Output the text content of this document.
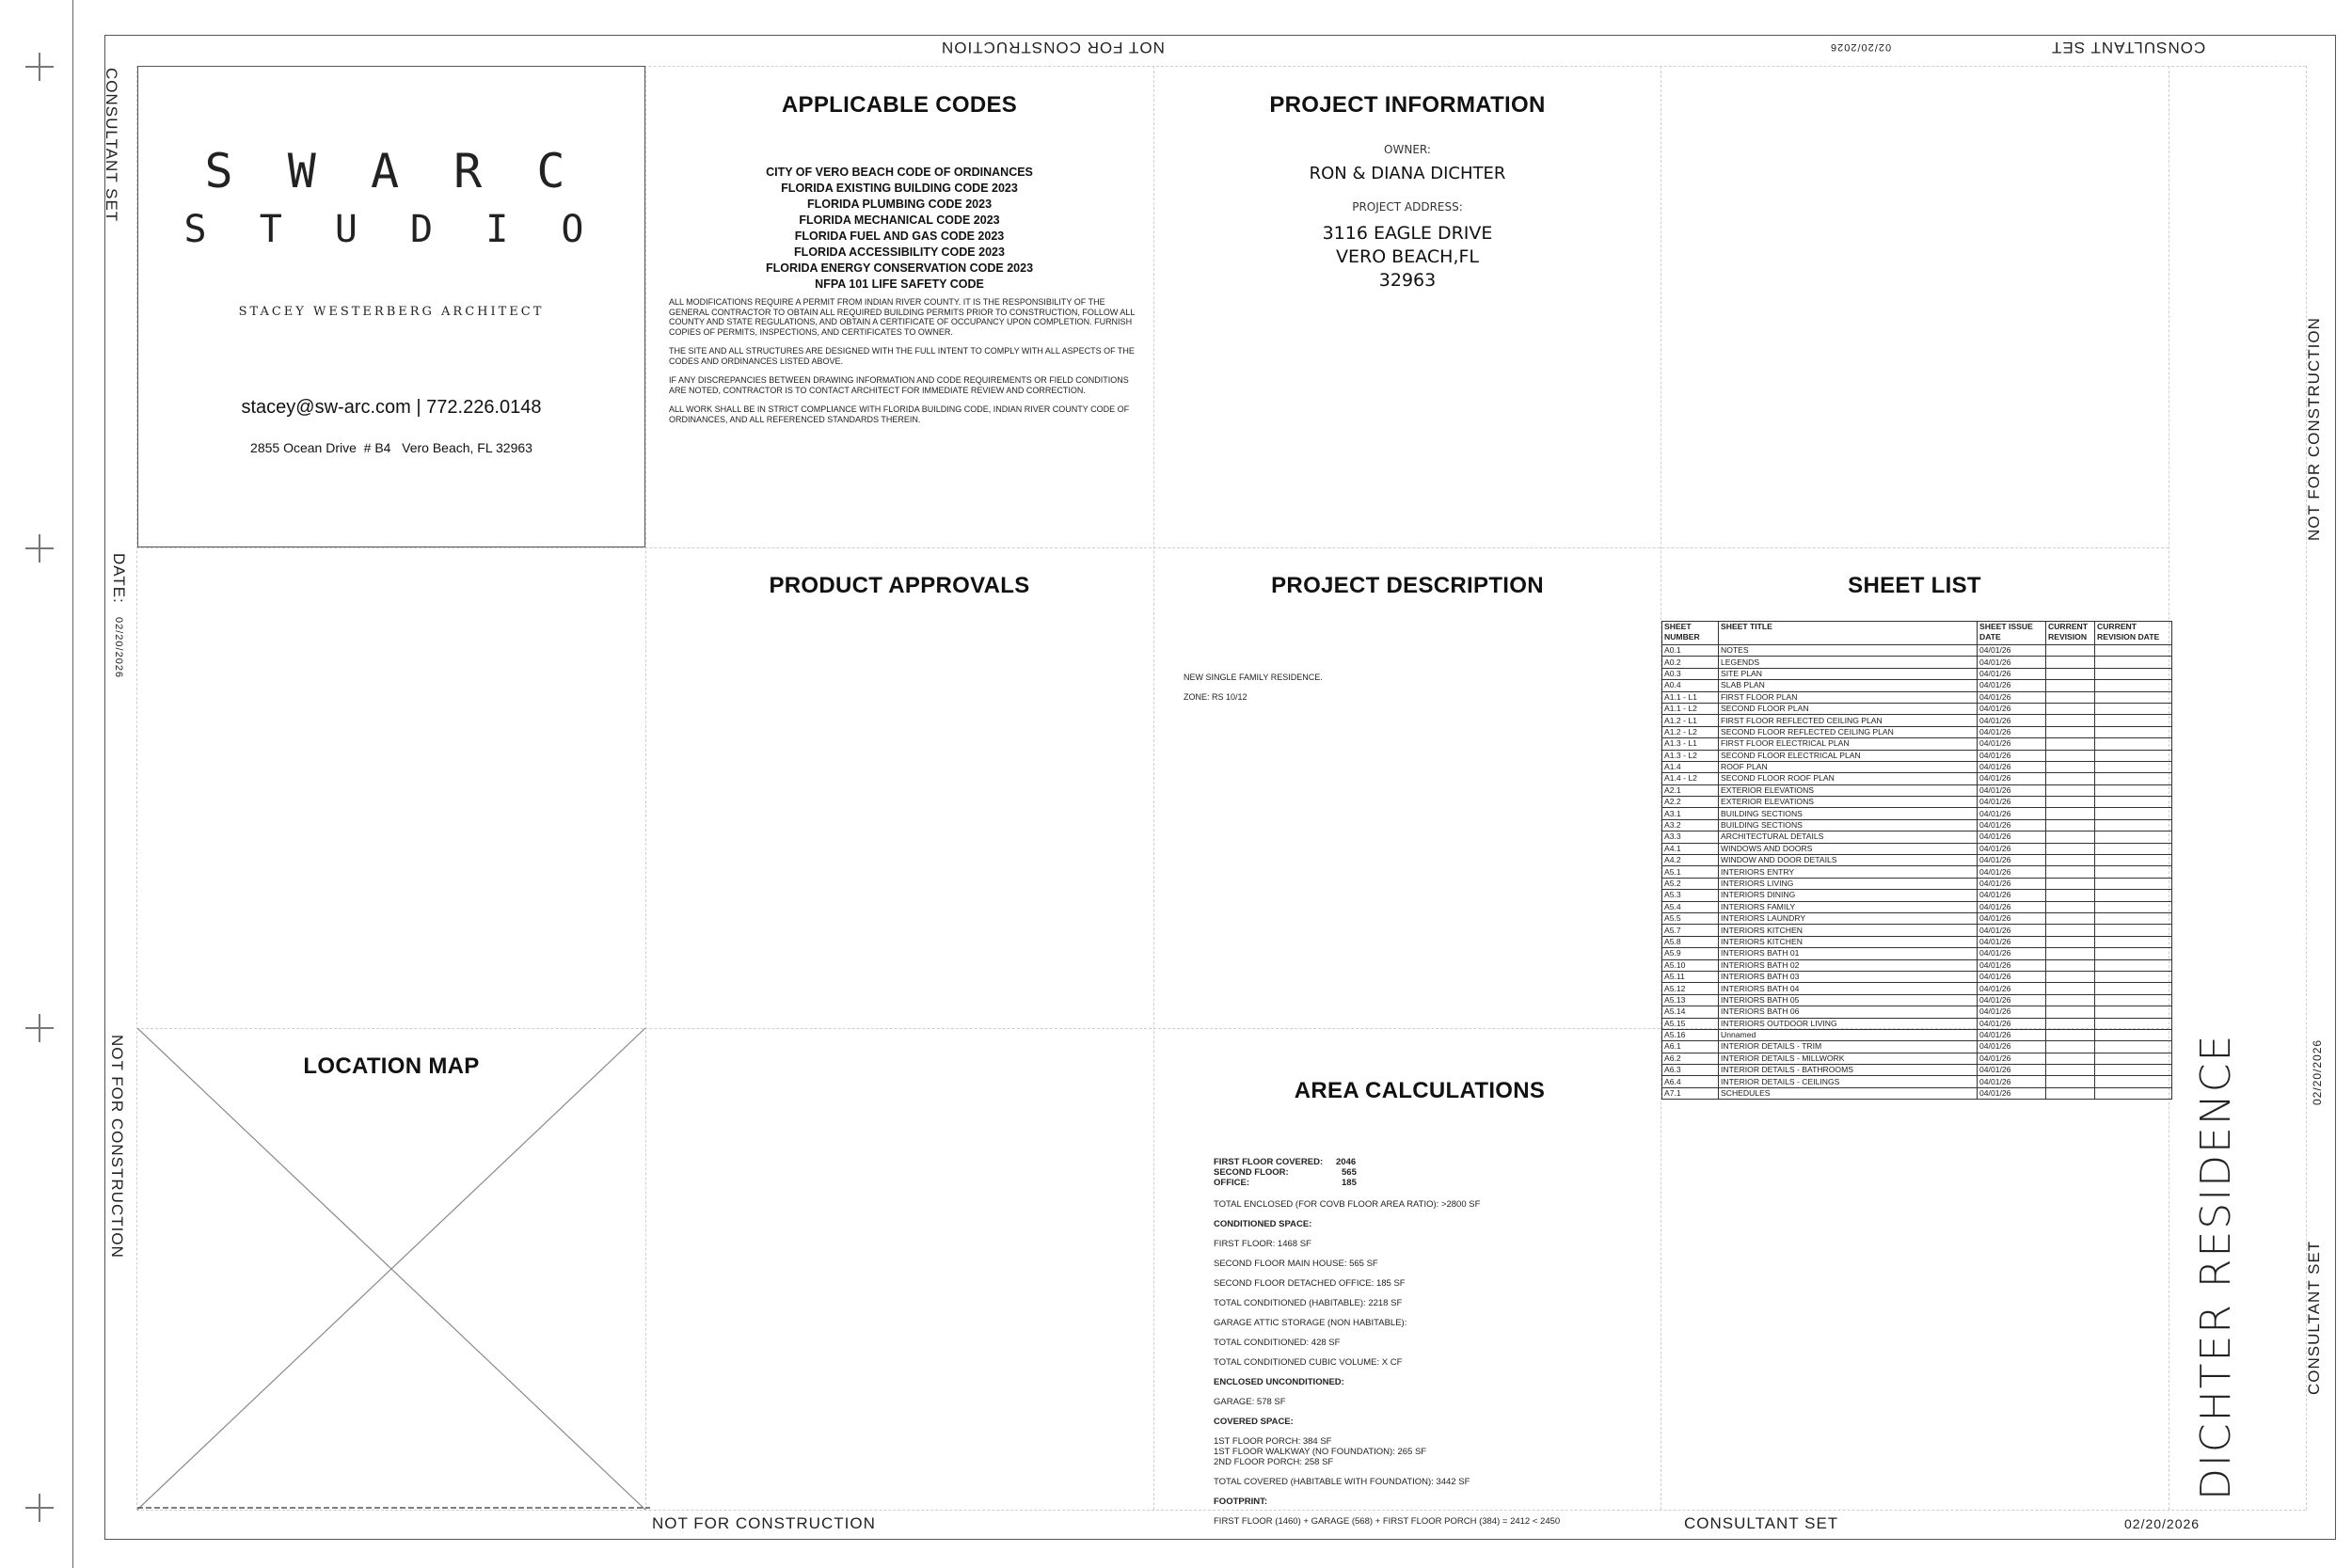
NOT FOR CONSTRUCTION	02/20/2026	CONSULTANT SET
CONSULTANT SET
DATE:
02/20/2026
NOT FOR CONSTRUCTION
NOT FOR CONSTRUCTION	CONSULTANT SET	02/20/2026
NOT FOR CONSTRUCTION
02/20/2026
CONSULTANT SET
DICHTER RESIDENCE
S W A R C
S T U D I O
STACEY WESTERBERG ARCHITECT
stacey@sw-arc.com | 772.226.0148
2855 Ocean Drive  # B4   Vero Beach, FL 32963
APPLICABLE CODES
CITY OF VERO BEACH CODE OF ORDINANCES
FLORIDA EXISTING BUILDING CODE 2023
FLORIDA PLUMBING CODE 2023
FLORIDA MECHANICAL CODE 2023
FLORIDA FUEL AND GAS CODE 2023
FLORIDA ACCESSIBILITY CODE 2023
FLORIDA ENERGY CONSERVATION CODE 2023
NFPA 101 LIFE SAFETY CODE
ALL MODIFICATIONS REQUIRE A PERMIT FROM INDIAN RIVER COUNTY. IT IS THE RESPONSIBILITY OF THE GENERAL CONTRACTOR TO OBTAIN ALL REQUIRED BUILDING PERMITS PRIOR TO CONSTRUCTION, FOLLOW ALL COUNTY AND STATE REGULATIONS, AND OBTAIN A CERTIFICATE OF OCCUPANCY UPON COMPLETION. FURNISH COPIES OF PERMITS, INSPECTIONS, AND CERTIFICATES TO OWNER.
THE SITE AND ALL STRUCTURES ARE DESIGNED WITH THE FULL INTENT TO COMPLY WITH ALL ASPECTS OF THE CODES AND ORDINANCES LISTED ABOVE.
IF ANY DISCREPANCIES BETWEEN DRAWING INFORMATION AND CODE REQUIREMENTS OR FIELD CONDITIONS ARE NOTED, CONTRACTOR IS TO CONTACT ARCHITECT FOR IMMEDIATE REVIEW AND CORRECTION.
ALL WORK SHALL BE IN STRICT COMPLIANCE WITH FLORIDA BUILDING CODE, INDIAN RIVER COUNTY CODE OF ORDINANCES, AND ALL REFERENCED STANDARDS THEREIN.
PROJECT INFORMATION
OWNER:
RON & DIANA DICHTER
PROJECT ADDRESS:
3116 EAGLE DRIVE
VERO BEACH,FL
32963
PRODUCT APPROVALS	PROJECT DESCRIPTION
NEW SINGLE FAMILY RESIDENCE.
ZONE: RS 10/12
SHEET LIST
SHEET NUMBER	SHEET TITLE	SHEET ISSUE DATE	CURRENT REVISION	CURRENT REVISION DATE
A0.1	NOTES	04/01/26		
A0.2	LEGENDS	04/01/26		
A0.3	SITE PLAN	04/01/26		
A0.4	SLAB PLAN	04/01/26		
A1.1 - L1	FIRST FLOOR PLAN	04/01/26		
A1.1 - L2	SECOND FLOOR PLAN	04/01/26		
A1.2 - L1	FIRST FLOOR REFLECTED CEILING PLAN	04/01/26		
A1.2 - L2	SECOND FLOOR REFLECTED CEILING PLAN	04/01/26		
A1.3 - L1	FIRST FLOOR ELECTRICAL PLAN	04/01/26		
A1.3 - L2	SECOND FLOOR ELECTRICAL PLAN	04/01/26		
A1.4	ROOF PLAN	04/01/26		
A1.4 - L2	SECOND FLOOR ROOF PLAN	04/01/26		
A2.1	EXTERIOR ELEVATIONS	04/01/26		
A2.2	EXTERIOR ELEVATIONS	04/01/26		
A3.1	BUILDING SECTIONS	04/01/26		
A3.2	BUILDING SECTIONS	04/01/26		
A3.3	ARCHITECTURAL DETAILS	04/01/26		
A4.1	WINDOWS AND DOORS	04/01/26		
A4.2	WINDOW AND DOOR DETAILS	04/01/26		
A5.1	INTERIORS ENTRY	04/01/26		
A5.2	INTERIORS LIVING	04/01/26		
A5.3	INTERIORS DINING	04/01/26		
A5.4	INTERIORS FAMILY	04/01/26		
A5.5	INTERIORS LAUNDRY	04/01/26		
A5.7	INTERIORS KITCHEN	04/01/26		
A5.8	INTERIORS KITCHEN	04/01/26		
A5.9	INTERIORS BATH 01	04/01/26		
A5.10	INTERIORS BATH 02	04/01/26		
A5.11	INTERIORS BATH 03	04/01/26		
A5.12	INTERIORS BATH 04	04/01/26		
A5.13	INTERIORS BATH 05	04/01/26		
A5.14	INTERIORS BATH 06	04/01/26		
A5.15	INTERIORS OUTDOOR LIVING	04/01/26		
A5.16	Unnamed	04/01/26		
A6.1	INTERIOR DETAILS - TRIM	04/01/26		
A6.2	INTERIOR DETAILS - MILLWORK	04/01/26		
A6.3	INTERIOR DETAILS - BATHROOMS	04/01/26		
A6.4	INTERIOR DETAILS - CEILINGS	04/01/26		
A7.1	SCHEDULES	04/01/26		
LOCATION MAP
AREA CALCULATIONS

FIRST FLOOR COVERED: 2046

SECOND FLOOR:	565

OFFICE:	185

TOTAL ENCLOSED (FOR COVB FLOOR AREA RATIO): >2800 SF

CONDITIONED SPACE:

FIRST FLOOR: 1468 SF

SECOND FLOOR MAIN HOUSE: 565 SF

SECOND FLOOR DETACHED OFFICE: 185 SF

TOTAL CONDITIONED (HABITABLE): 2218 SF

GARAGE ATTIC STORAGE (NON HABITABLE):

TOTAL CONDITIONED: 428 SF

TOTAL CONDITIONED CUBIC VOLUME: X CF

ENCLOSED UNCONDITIONED:

GARAGE: 578 SF

COVERED SPACE:

1ST FLOOR PORCH: 384 SF
1ST FLOOR WALKWAY (NO FOUNDATION): 265 SF
2ND FLOOR PORCH: 258 SF

TOTAL COVERED (HABITABLE WITH FOUNDATION): 3442 SF

FOOTPRINT:

FIRST FLOOR (1460) + GARAGE (568) + FIRST FLOOR PORCH (384) = 2412 < 2450
